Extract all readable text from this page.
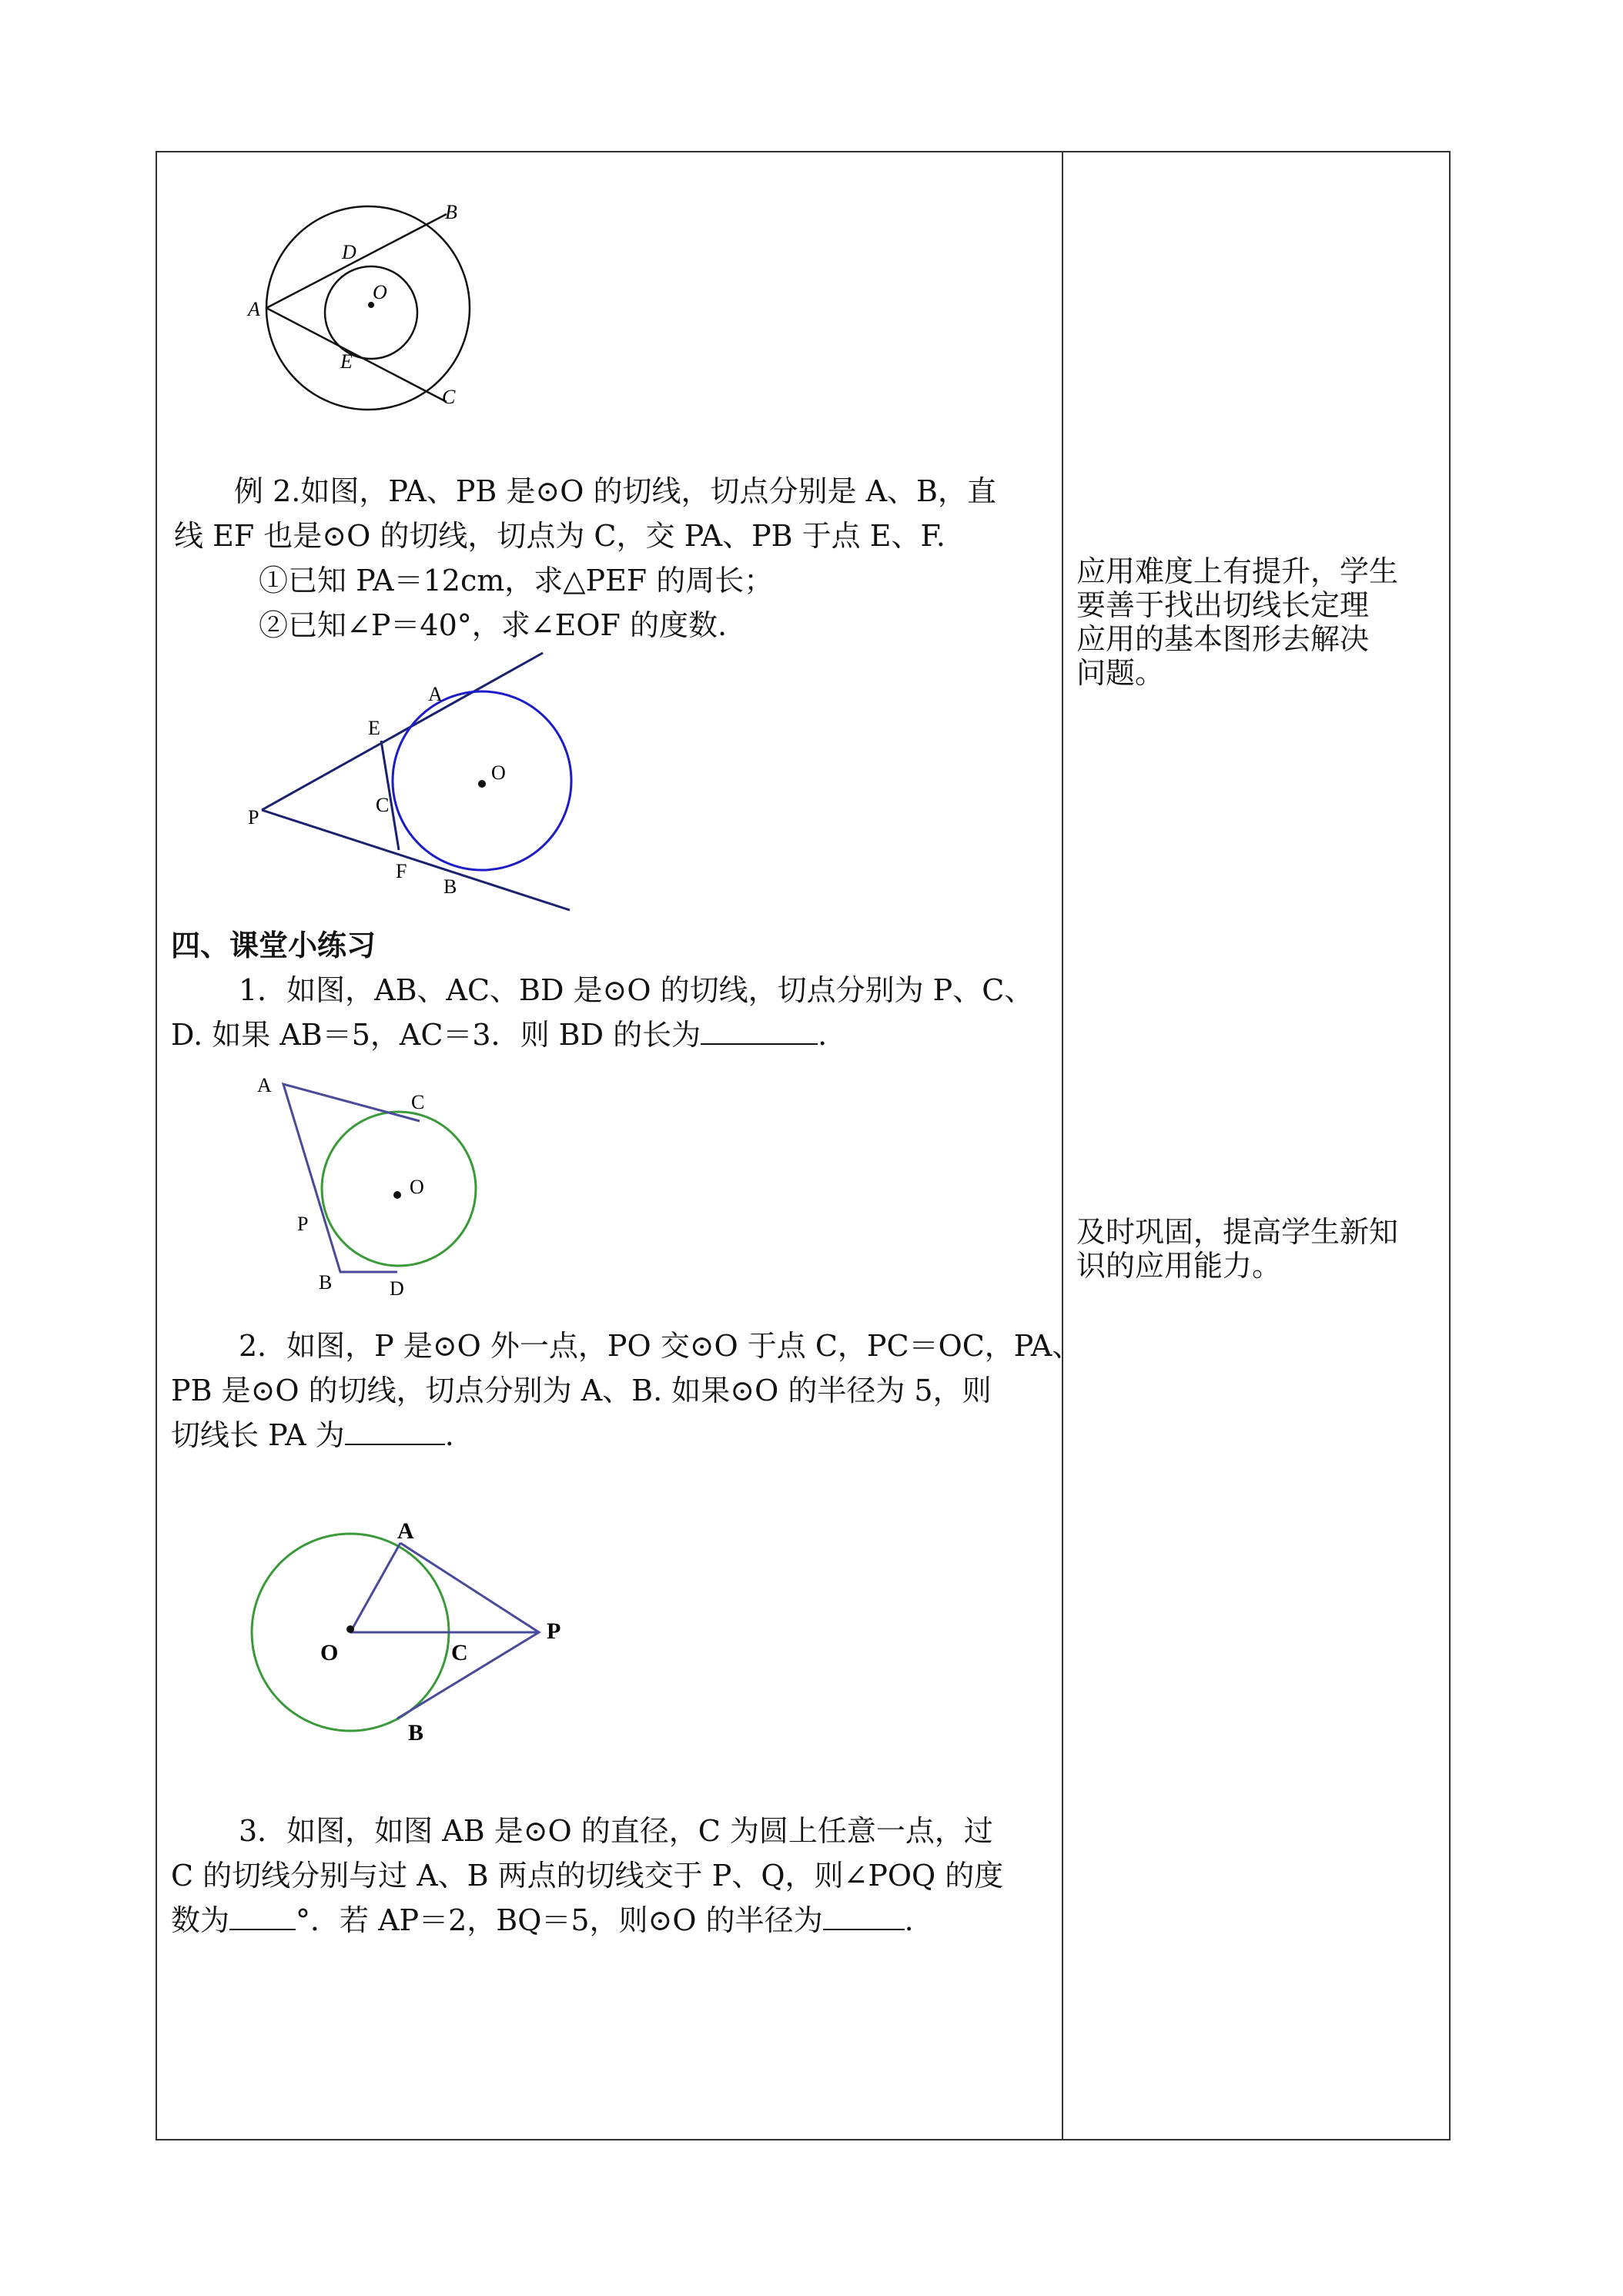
A
B
C
D
E
O
例 2.如图，PA、PB 是⊙O 的切线，切点分别是 A、B，直
线 EF 也是⊙O 的切线，切点为 C，交 PA、PB 于点 E、F.
①已知 PA＝12cm，求△PEF 的周长；
②已知∠P＝40°，求∠EOF 的度数.
A
E
C
F
B
O
P
四、课堂小练习
1．如图，AB、AC、BD 是⊙O 的切线，切点分别为 P、C、
D. 如果 AB＝5，AC＝3．则 BD 的长为	.
A
C
O
P
B	D
2．如图，P 是⊙O 外一点，PO 交⊙O 于点 C，PC＝OC，PA、
PB 是⊙O 的切线，切点分别为 A、B. 如果⊙O 的半径为 5，则
切线长 PA 为	.
A
O	C
P
B
3．如图，如图 AB 是⊙O 的直径，C 为圆上任意一点，过
C 的切线分别与过 A、B 两点的切线交于 P、Q，则∠POQ 的度
数为 °．若 AP＝2，BQ＝5，则⊙O 的半径为	.
应用难度上有提升，学生
要善于找出切线长定理
应用的基本图形去解决
问题。
及时巩固，提高学生新知
识的应用能力。
